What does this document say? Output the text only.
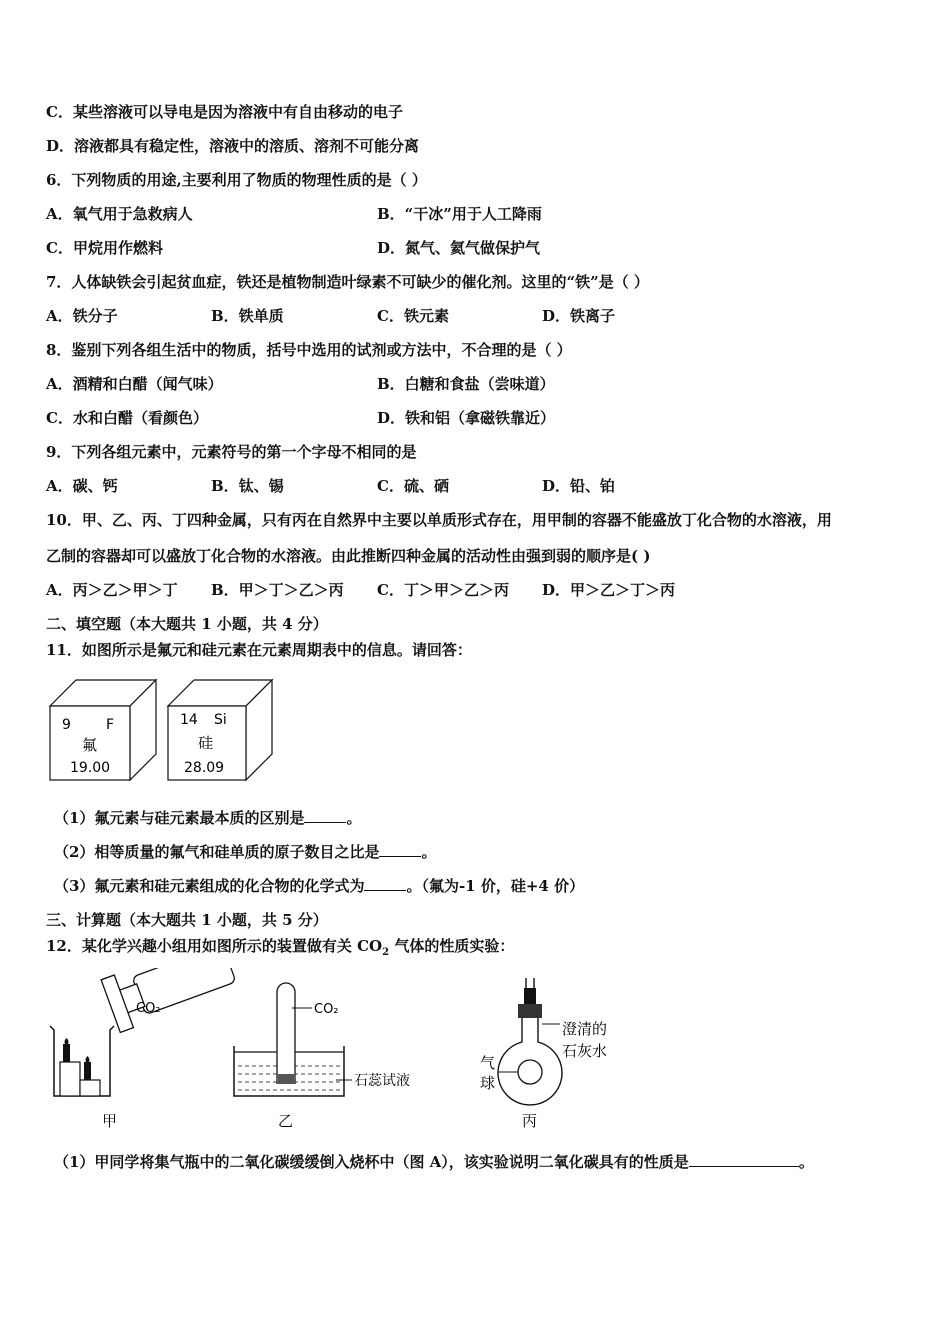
C．某些溶液可以导电是因为溶液中有自由移动的电子
D．溶液都具有稳定性，溶液中的溶质、溶剂不可能分离
6．下列物质的用途,主要利用了物质的物理性质的是（ ）
A．氧气用于急救病人	B．“干冰”用于人工降雨
C．甲烷用作燃料	D．氮气、氦气做保护气
7．人体缺铁会引起贫血症，铁还是植物制造叶绿素不可缺少的催化剂。这里的“铁”是（ ）
A．铁分子	B．铁单质	C．铁元素	D．铁离子
8．鉴别下列各组生活中的物质，括号中选用的试剂或方法中，不合理的是（ ）
A．酒精和白醋（闻气味）	B．白糖和食盐（尝味道）
C．水和白醋（看颜色）	D．铁和铝（拿磁铁靠近）
9．下列各组元素中，元素符号的第一个字母不相同的是
A．碳、钙	B．钛、锡	C．硫、硒	D．铅、铂
10．甲、乙、丙、丁四种金属，只有丙在自然界中主要以单质形式存在，用甲制的容器不能盛放丁化合物的水溶液，用
乙制的容器却可以盛放丁化合物的水溶液。由此推断四种金属的活动性由强到弱的顺序是( )
A．丙＞乙＞甲＞丁 B．甲＞丁＞乙＞丙 C．丁＞甲＞乙＞丙 D．甲＞乙＞丁＞丙
二、填空题（本大题共 1 小题，共 4 分）
11．如图所示是氟元和硅元素在元素周期表中的信息。请回答：
9	F
氟
19.00
14 Si
硅
28.09
（1）氟元素与硅元素最本质的区别是	。
（2）相等质量的氟气和硅单质的原子数目之比是	。
（3）氟元素和硅元素组成的化合物的化学式为	。（氟为-1 价，硅+4 价）
三、计算题（本大题共 1 小题，共 5 分）
12．某化学兴趣小组用如图所示的装置做有关 $CO_2$ 气体的性质实验：
CO₂
甲
CO₂
石蕊试液
乙
澄清的
石灰水
气
球
丙
（1）甲同学将集气瓶中的二氧化碳缓缓倒入烧杯中（图 A），该实验说明二氧化碳具有的性质是	。
